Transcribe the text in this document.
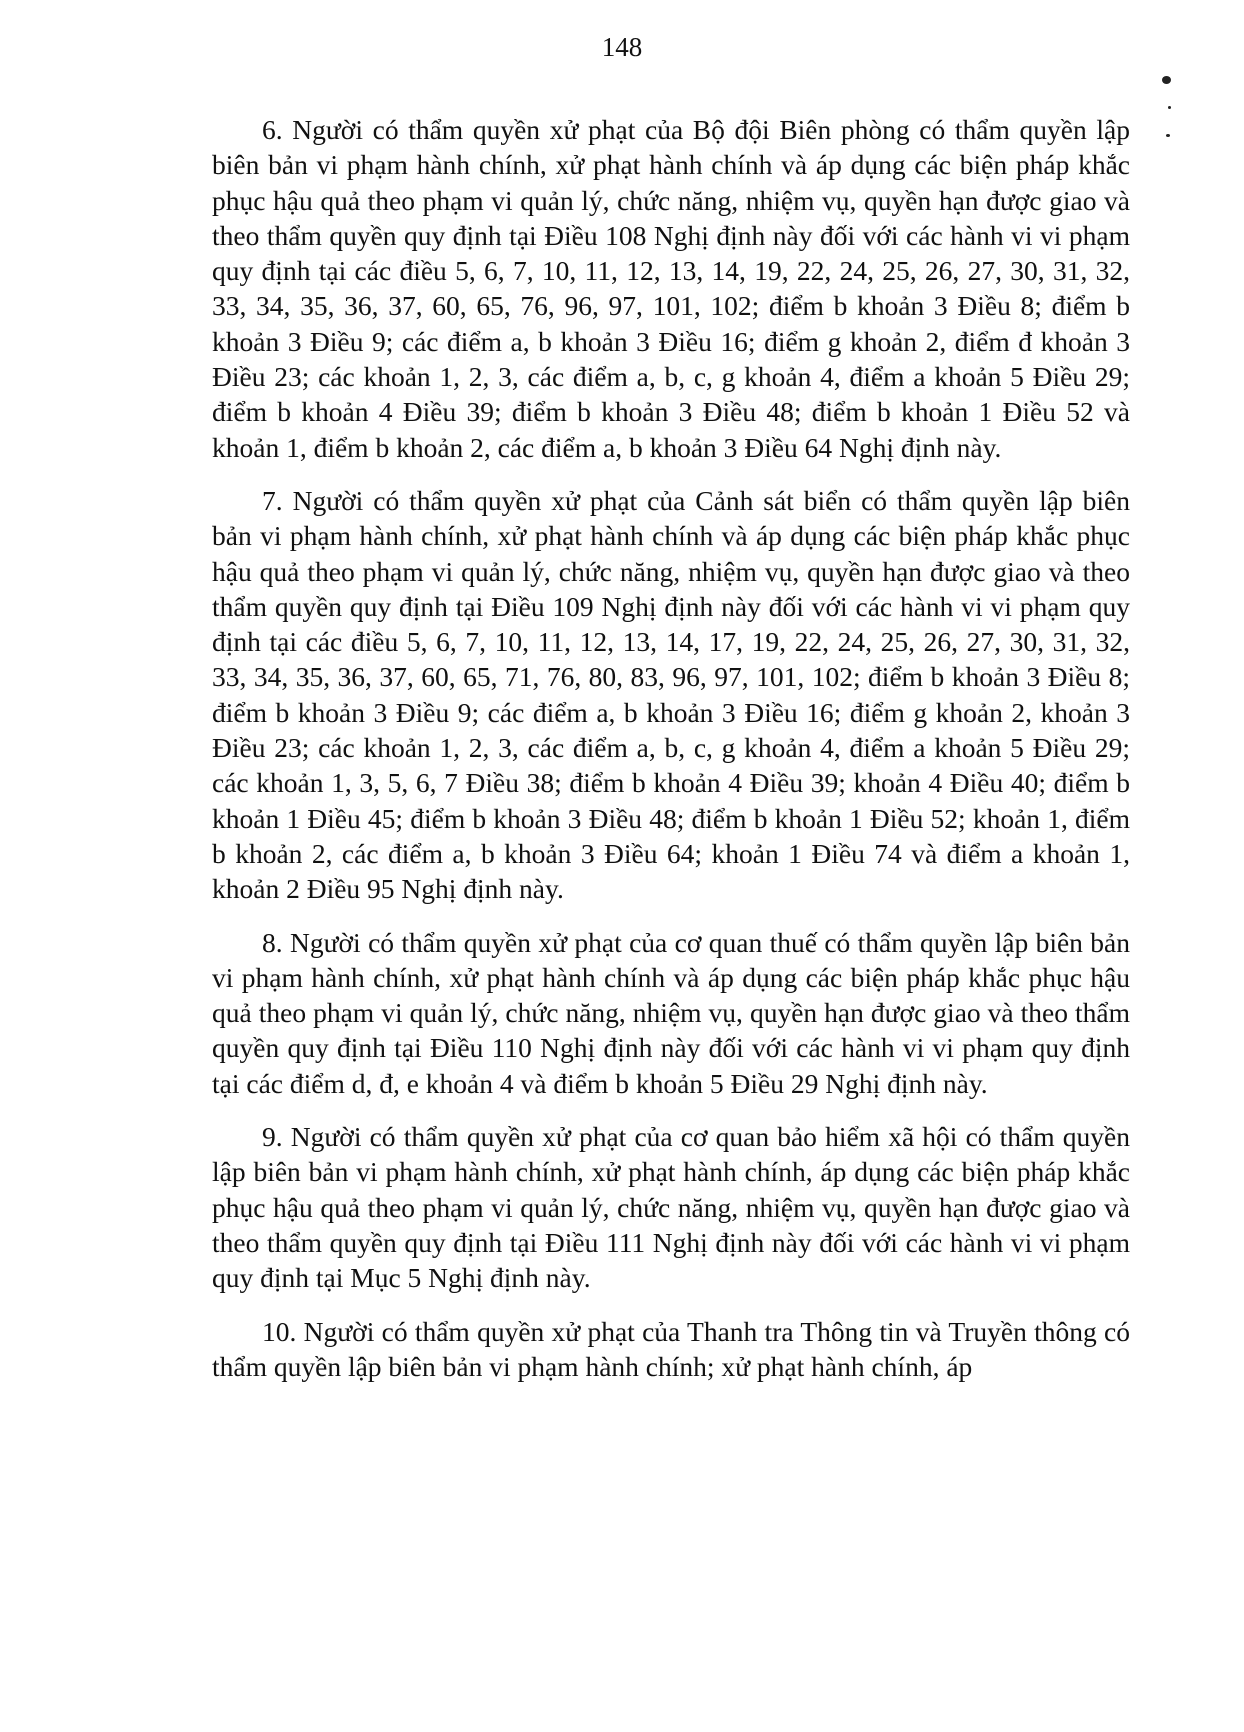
148

6. Người có thẩm quyền xử phạt của Bộ đội Biên phòng có thẩm quyền lập biên bản vi phạm hành chính, xử phạt hành chính và áp dụng các biện pháp khắc phục hậu quả theo phạm vi quản lý, chức năng, nhiệm vụ, quyền hạn được giao và theo thẩm quyền quy định tại Điều 108 Nghị định này đối với các hành vi vi phạm quy định tại các điều 5, 6, 7, 10, 11, 12, 13, 14, 19, 22, 24, 25, 26, 27, 30, 31, 32, 33, 34, 35, 36, 37, 60, 65, 76, 96, 97, 101, 102; điểm b khoản 3 Điều 8; điểm b khoản 3 Điều 9; các điểm a, b khoản 3 Điều 16; điểm g khoản 2, điểm đ khoản 3 Điều 23; các khoản 1, 2, 3, các điểm a, b, c, g khoản 4, điểm a khoản 5 Điều 29; điểm b khoản 4 Điều 39; điểm b khoản 3 Điều 48; điểm b khoản 1 Điều 52 và khoản 1, điểm b khoản 2, các điểm a, b khoản 3 Điều 64 Nghị định này.

7. Người có thẩm quyền xử phạt của Cảnh sát biển có thẩm quyền lập biên bản vi phạm hành chính, xử phạt hành chính và áp dụng các biện pháp khắc phục hậu quả theo phạm vi quản lý, chức năng, nhiệm vụ, quyền hạn được giao và theo thẩm quyền quy định tại Điều 109 Nghị định này đối với các hành vi vi phạm quy định tại các điều 5, 6, 7, 10, 11, 12, 13, 14, 17, 19, 22, 24, 25, 26, 27, 30, 31, 32, 33, 34, 35, 36, 37, 60, 65, 71, 76, 80, 83, 96, 97, 101, 102; điểm b khoản 3 Điều 8; điểm b khoản 3 Điều 9; các điểm a, b khoản 3 Điều 16; điểm g khoản 2, khoản 3 Điều 23; các khoản 1, 2, 3, các điểm a, b, c, g khoản 4, điểm a khoản 5 Điều 29; các khoản 1, 3, 5, 6, 7 Điều 38; điểm b khoản 4 Điều 39; khoản 4 Điều 40; điểm b khoản 1 Điều 45; điểm b khoản 3 Điều 48; điểm b khoản 1 Điều 52; khoản 1, điểm b khoản 2, các điểm a, b khoản 3 Điều 64; khoản 1 Điều 74 và điểm a khoản 1, khoản 2 Điều 95 Nghị định này.

8. Người có thẩm quyền xử phạt của cơ quan thuế có thẩm quyền lập biên bản vi phạm hành chính, xử phạt hành chính và áp dụng các biện pháp khắc phục hậu quả theo phạm vi quản lý, chức năng, nhiệm vụ, quyền hạn được giao và theo thẩm quyền quy định tại Điều 110 Nghị định này đối với các hành vi vi phạm quy định tại các điểm d, đ, e khoản 4 và điểm b khoản 5 Điều 29 Nghị định này.

9. Người có thẩm quyền xử phạt của cơ quan bảo hiểm xã hội có thẩm quyền lập biên bản vi phạm hành chính, xử phạt hành chính, áp dụng các biện pháp khắc phục hậu quả theo phạm vi quản lý, chức năng, nhiệm vụ, quyền hạn được giao và theo thẩm quyền quy định tại Điều 111 Nghị định này đối với các hành vi vi phạm quy định tại Mục 5 Nghị định này.

10. Người có thẩm quyền xử phạt của Thanh tra Thông tin và Truyền thông có thẩm quyền lập biên bản vi phạm hành chính; xử phạt hành chính, áp
